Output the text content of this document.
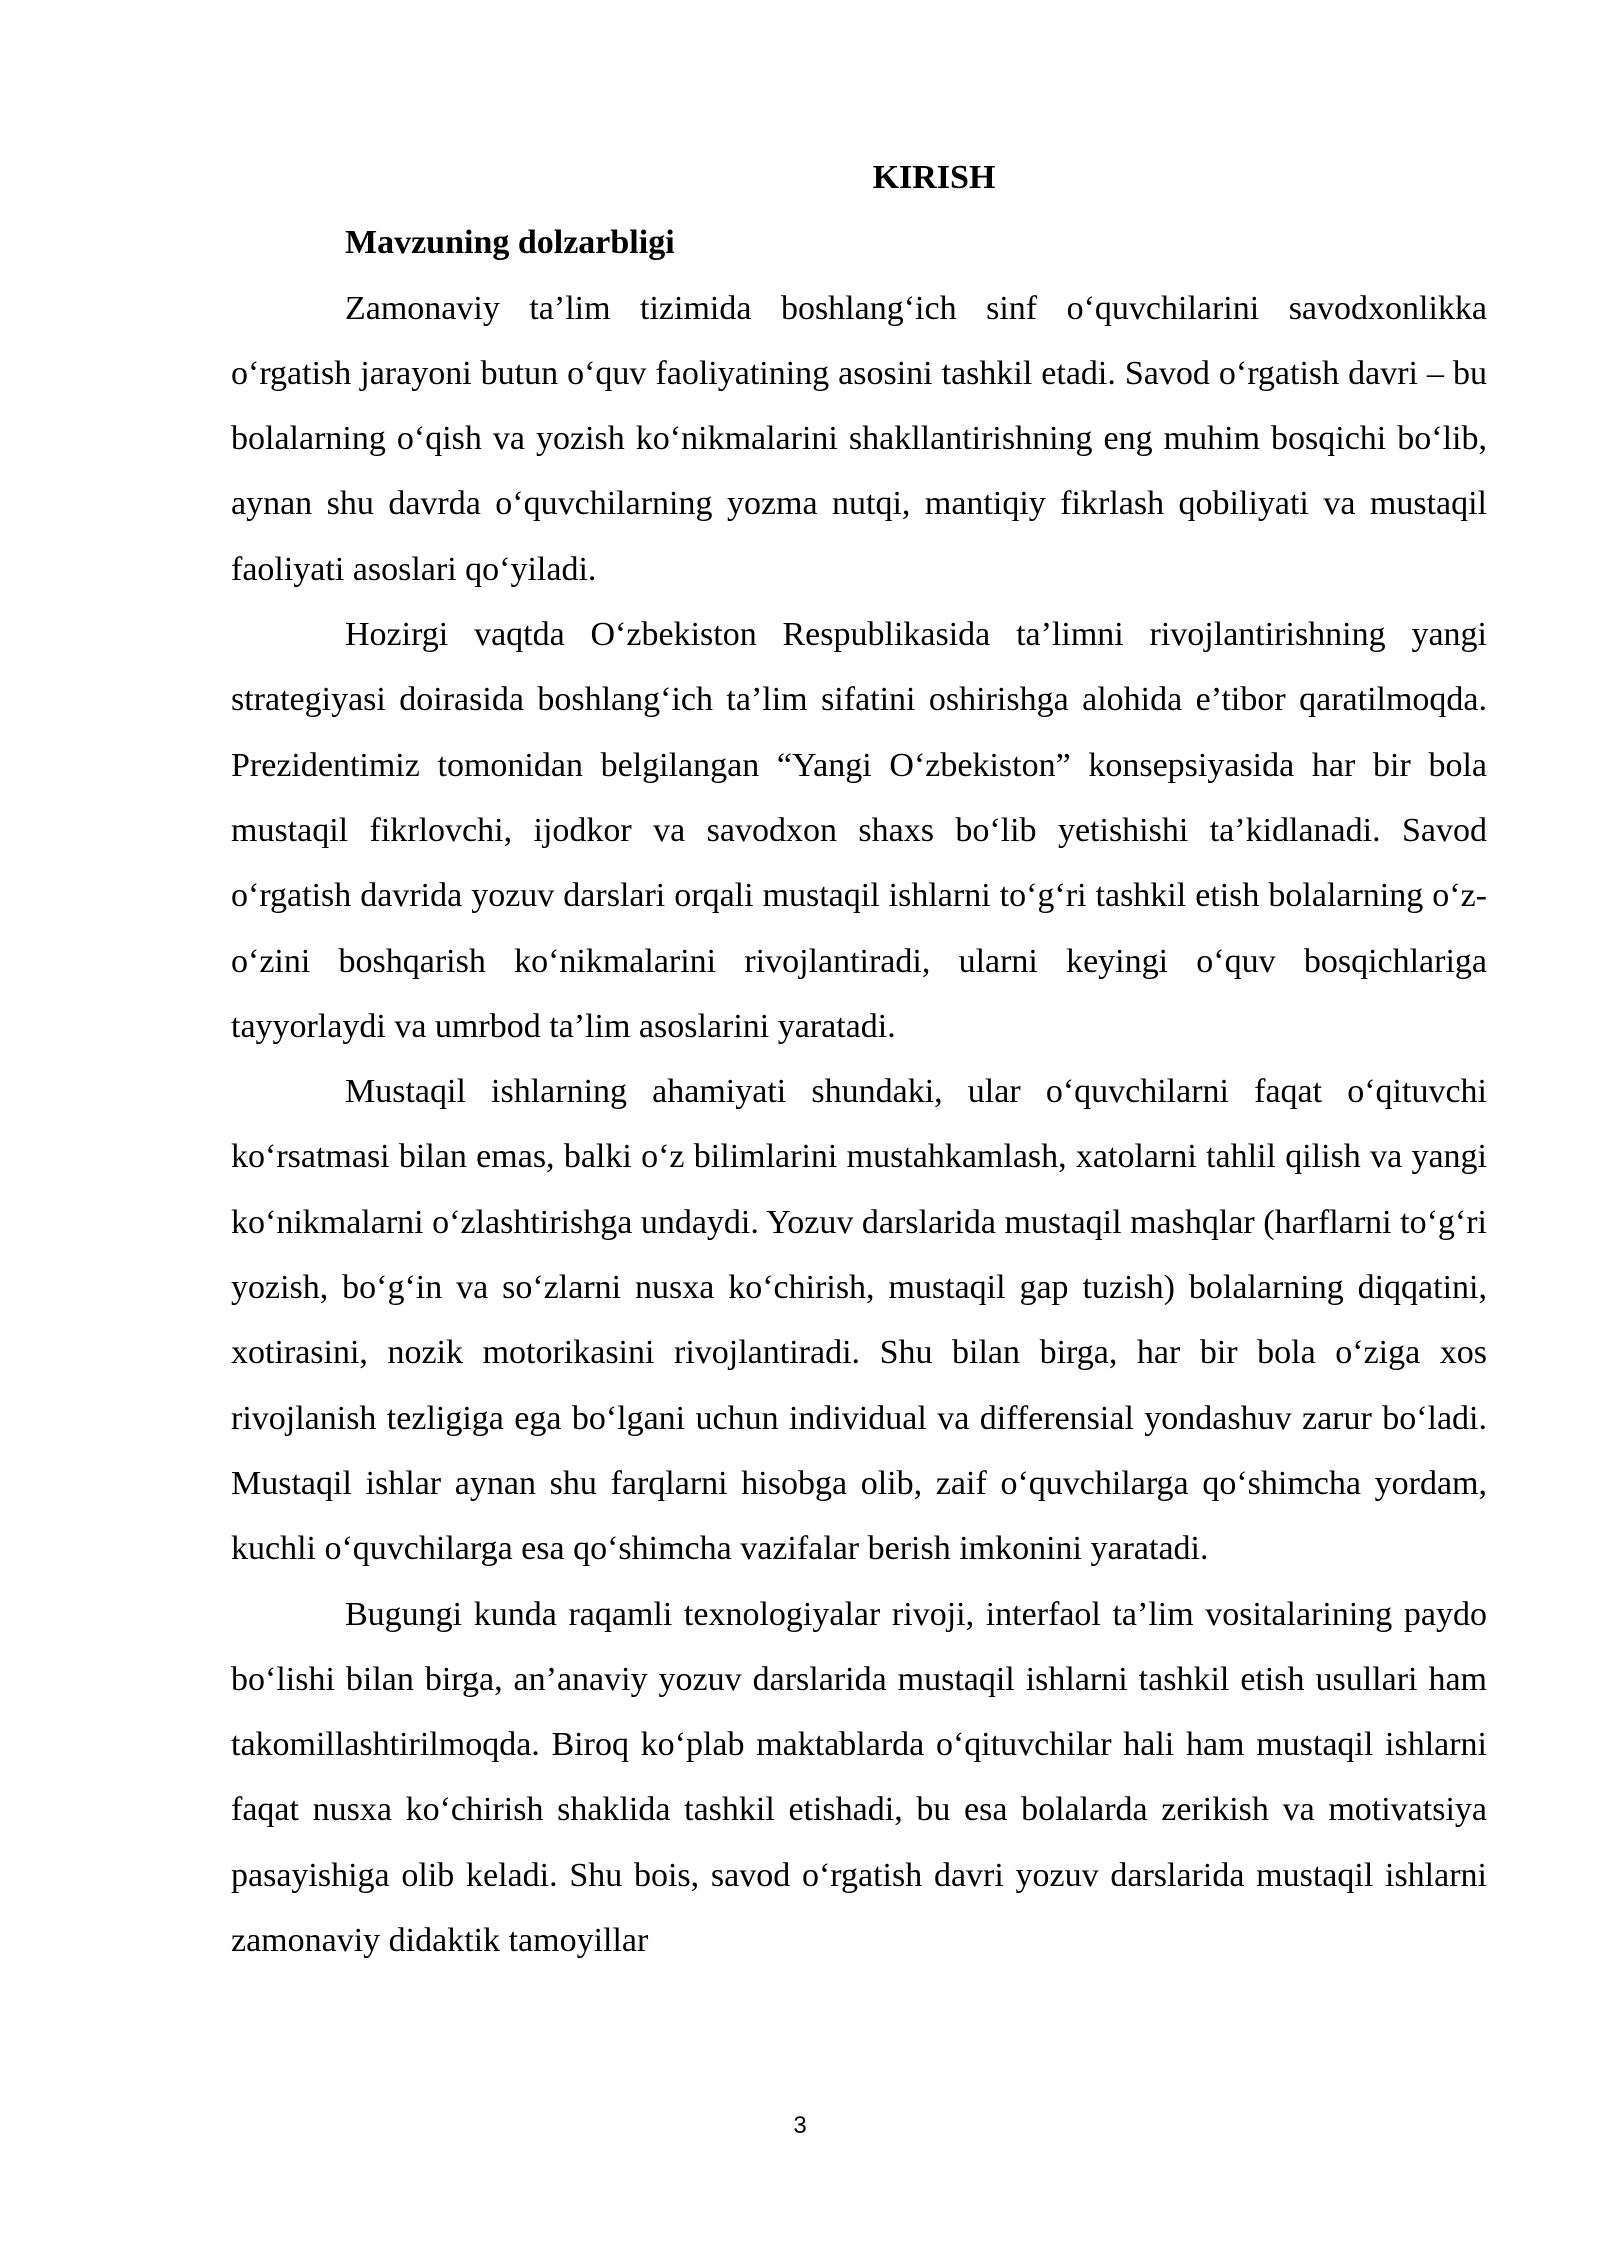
KIRISH
Mavzuning dolzarbligi

Zamonaviy ta’lim tizimida boshlang‘ich sinf o‘quvchilarini savodxonlikka o‘rgatish jarayoni butun o‘quv faoliyatining asosini tashkil etadi. Savod o‘rgatish davri – bu bolalarning o‘qish va yozish ko‘nikmalarini shakllantirishning eng muhim bosqichi bo‘lib, aynan shu davrda o‘quvchilarning yozma nutqi, mantiqiy fikrlash qobiliyati va mustaqil faoliyati asoslari qo‘yiladi.

Hozirgi vaqtda O‘zbekiston Respublikasida ta’limni rivojlantirishning yangi strategiyasi doirasida boshlang‘ich ta’lim sifatini oshirishga alohida e’tibor qaratilmoqda. Prezidentimiz tomonidan belgilangan “Yangi O‘zbekiston” konsepsiyasida har bir bola mustaqil fikrlovchi, ijodkor va savodxon shaxs bo‘lib yetishishi ta’kidlanadi. Savod o‘rgatish davrida yozuv darslari orqali mustaqil ishlarni to‘g‘ri tashkil etish bolalarning o‘z-o‘zini boshqarish ko‘nikmalarini rivojlantiradi, ularni keyingi o‘quv bosqichlariga tayyorlaydi va umrbod ta’lim asoslarini yaratadi.

Mustaqil ishlarning ahamiyati shundaki, ular o‘quvchilarni faqat o‘qituvchi ko‘rsatmasi bilan emas, balki o‘z bilimlarini mustahkamlash, xatolarni tahlil qilish va yangi ko‘nikmalarni o‘zlashtirishga undaydi. Yozuv darslarida mustaqil mashqlar (harflarni to‘g‘ri yozish, bo‘g‘in va so‘zlarni nusxa ko‘chirish, mustaqil gap tuzish) bolalarning diqqatini, xotirasini, nozik motorikasini rivojlantiradi. Shu bilan birga, har bir bola o‘ziga xos rivojlanish tezligiga ega bo‘lgani uchun individual va differensial yondashuv zarur bo‘ladi. Mustaqil ishlar aynan shu farqlarni hisobga olib, zaif o‘quvchilarga qo‘shimcha yordam, kuchli o‘quvchilarga esa qo‘shimcha vazifalar berish imkonini yaratadi.

Bugungi kunda raqamli texnologiyalar rivoji, interfaol ta’lim vositalarining paydo bo‘lishi bilan birga, an’anaviy yozuv darslarida mustaqil ishlarni tashkil etish usullari ham takomillashtirilmoqda. Biroq ko‘plab maktablarda o‘qituvchilar hali ham mustaqil ishlarni faqat nusxa ko‘chirish shaklida tashkil etishadi, bu esa bolalarda zerikish va motivatsiya pasayishiga olib keladi. Shu bois, savod o‘rgatish davri yozuv darslarida mustaqil ishlarni zamonaviy didaktik tamoyillar

3
